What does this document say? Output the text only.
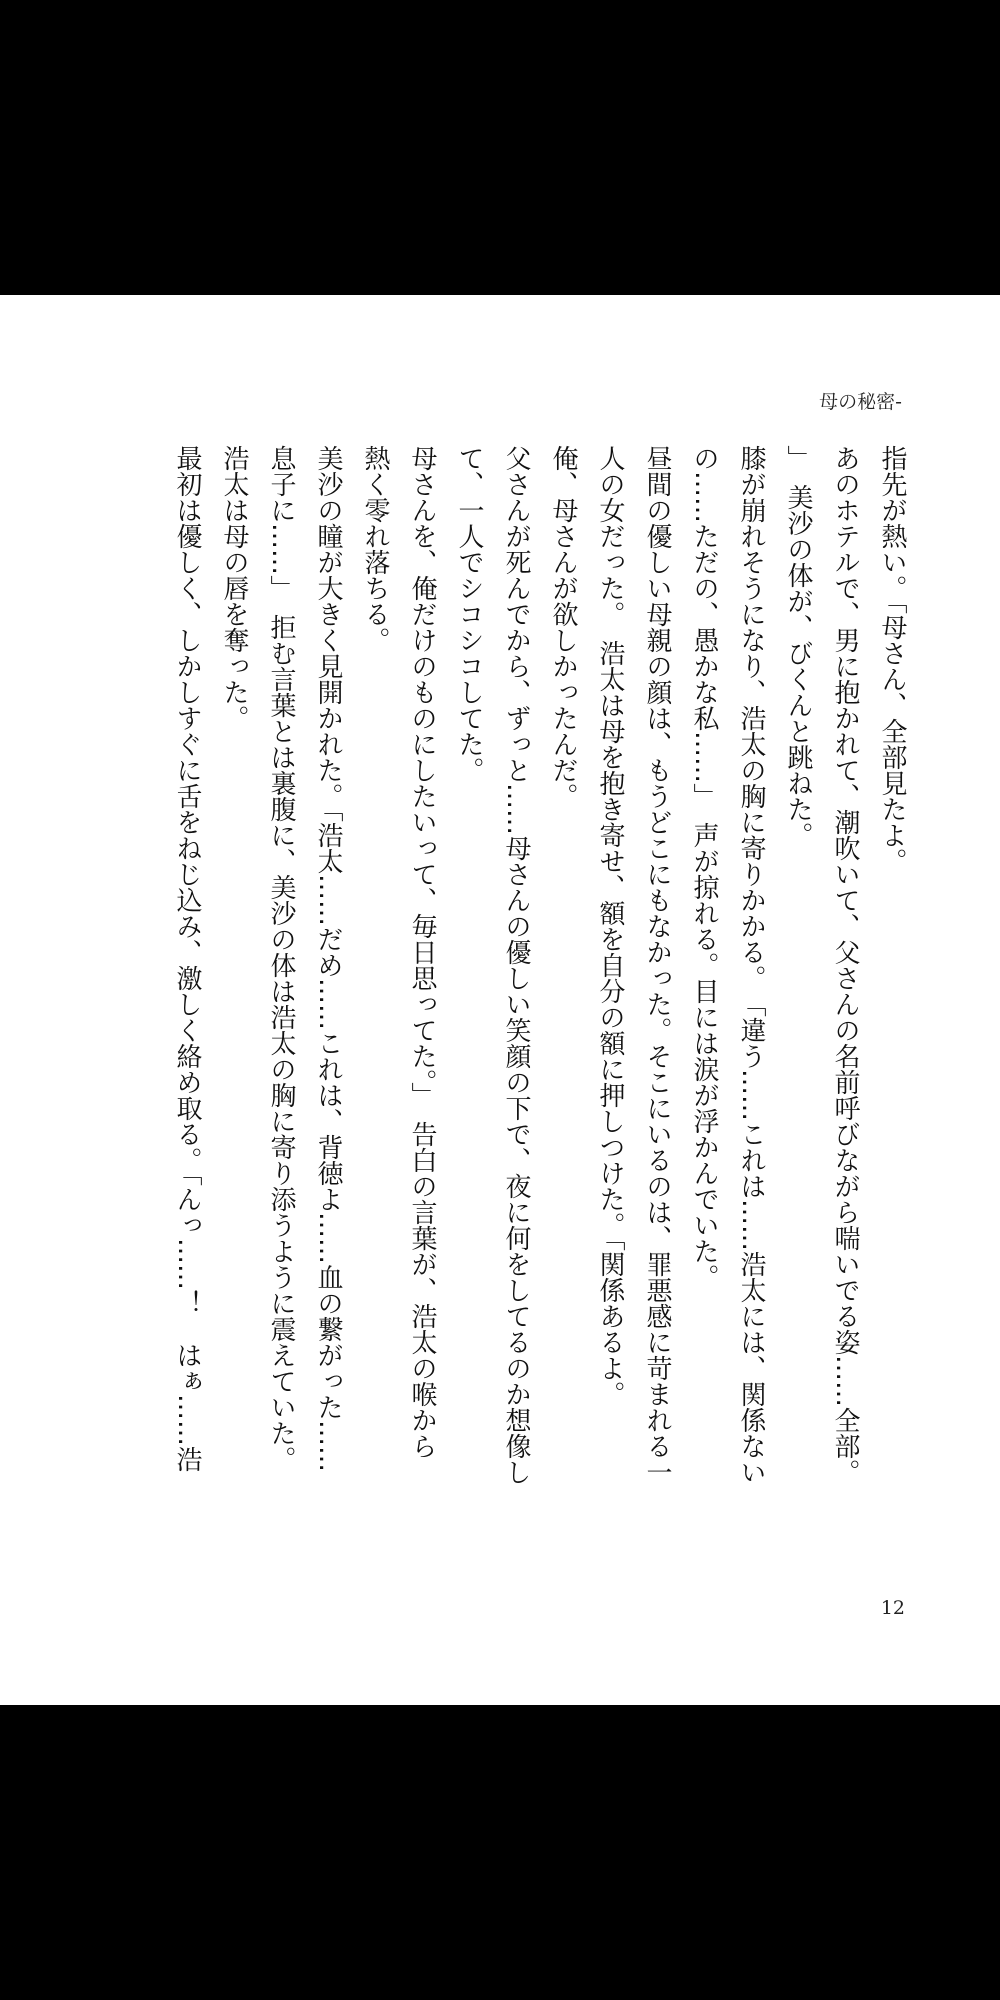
母の秘密-
指先が熱い。「母さん、全部見たよ。
あのホテルで、男に抱かれて、潮吹いて、父さんの名前呼びながら喘いでる姿……全部。
」　美沙の体が、びくんと跳ねた。
膝が崩れそうになり、浩太の胸に寄りかかる。　「違う……これは……浩太には、関係ない
の……ただの、愚かな私……」　声が掠れる。目には涙が浮かんでいた。
昼間の優しい母親の顔は、もうどこにもなかった。そこにいるのは、罪悪感に苛まれる一
人の女だった。　浩太は母を抱き寄せ、額を自分の額に押しつけた。「関係あるよ。
俺、母さんが欲しかったんだ。
父さんが死んでから、ずっと……母さんの優しい笑顔の下で、夜に何をしてるのか想像し
て、一人でシコシコしてた。
母さんを、俺だけのものにしたいって、毎日思ってた。」　告白の言葉が、浩太の喉から
熱く零れ落ちる。
美沙の瞳が大きく見開かれた。「浩太……だめ……これは、背徳よ……血の繋がった……
息子に……」　拒む言葉とは裏腹に、美沙の体は浩太の胸に寄り添うように震えていた。
浩太は母の唇を奪った。
最初は優しく、しかしすぐに舌をねじ込み、激しく絡め取る。「んっ……！　はぁ……浩
12
